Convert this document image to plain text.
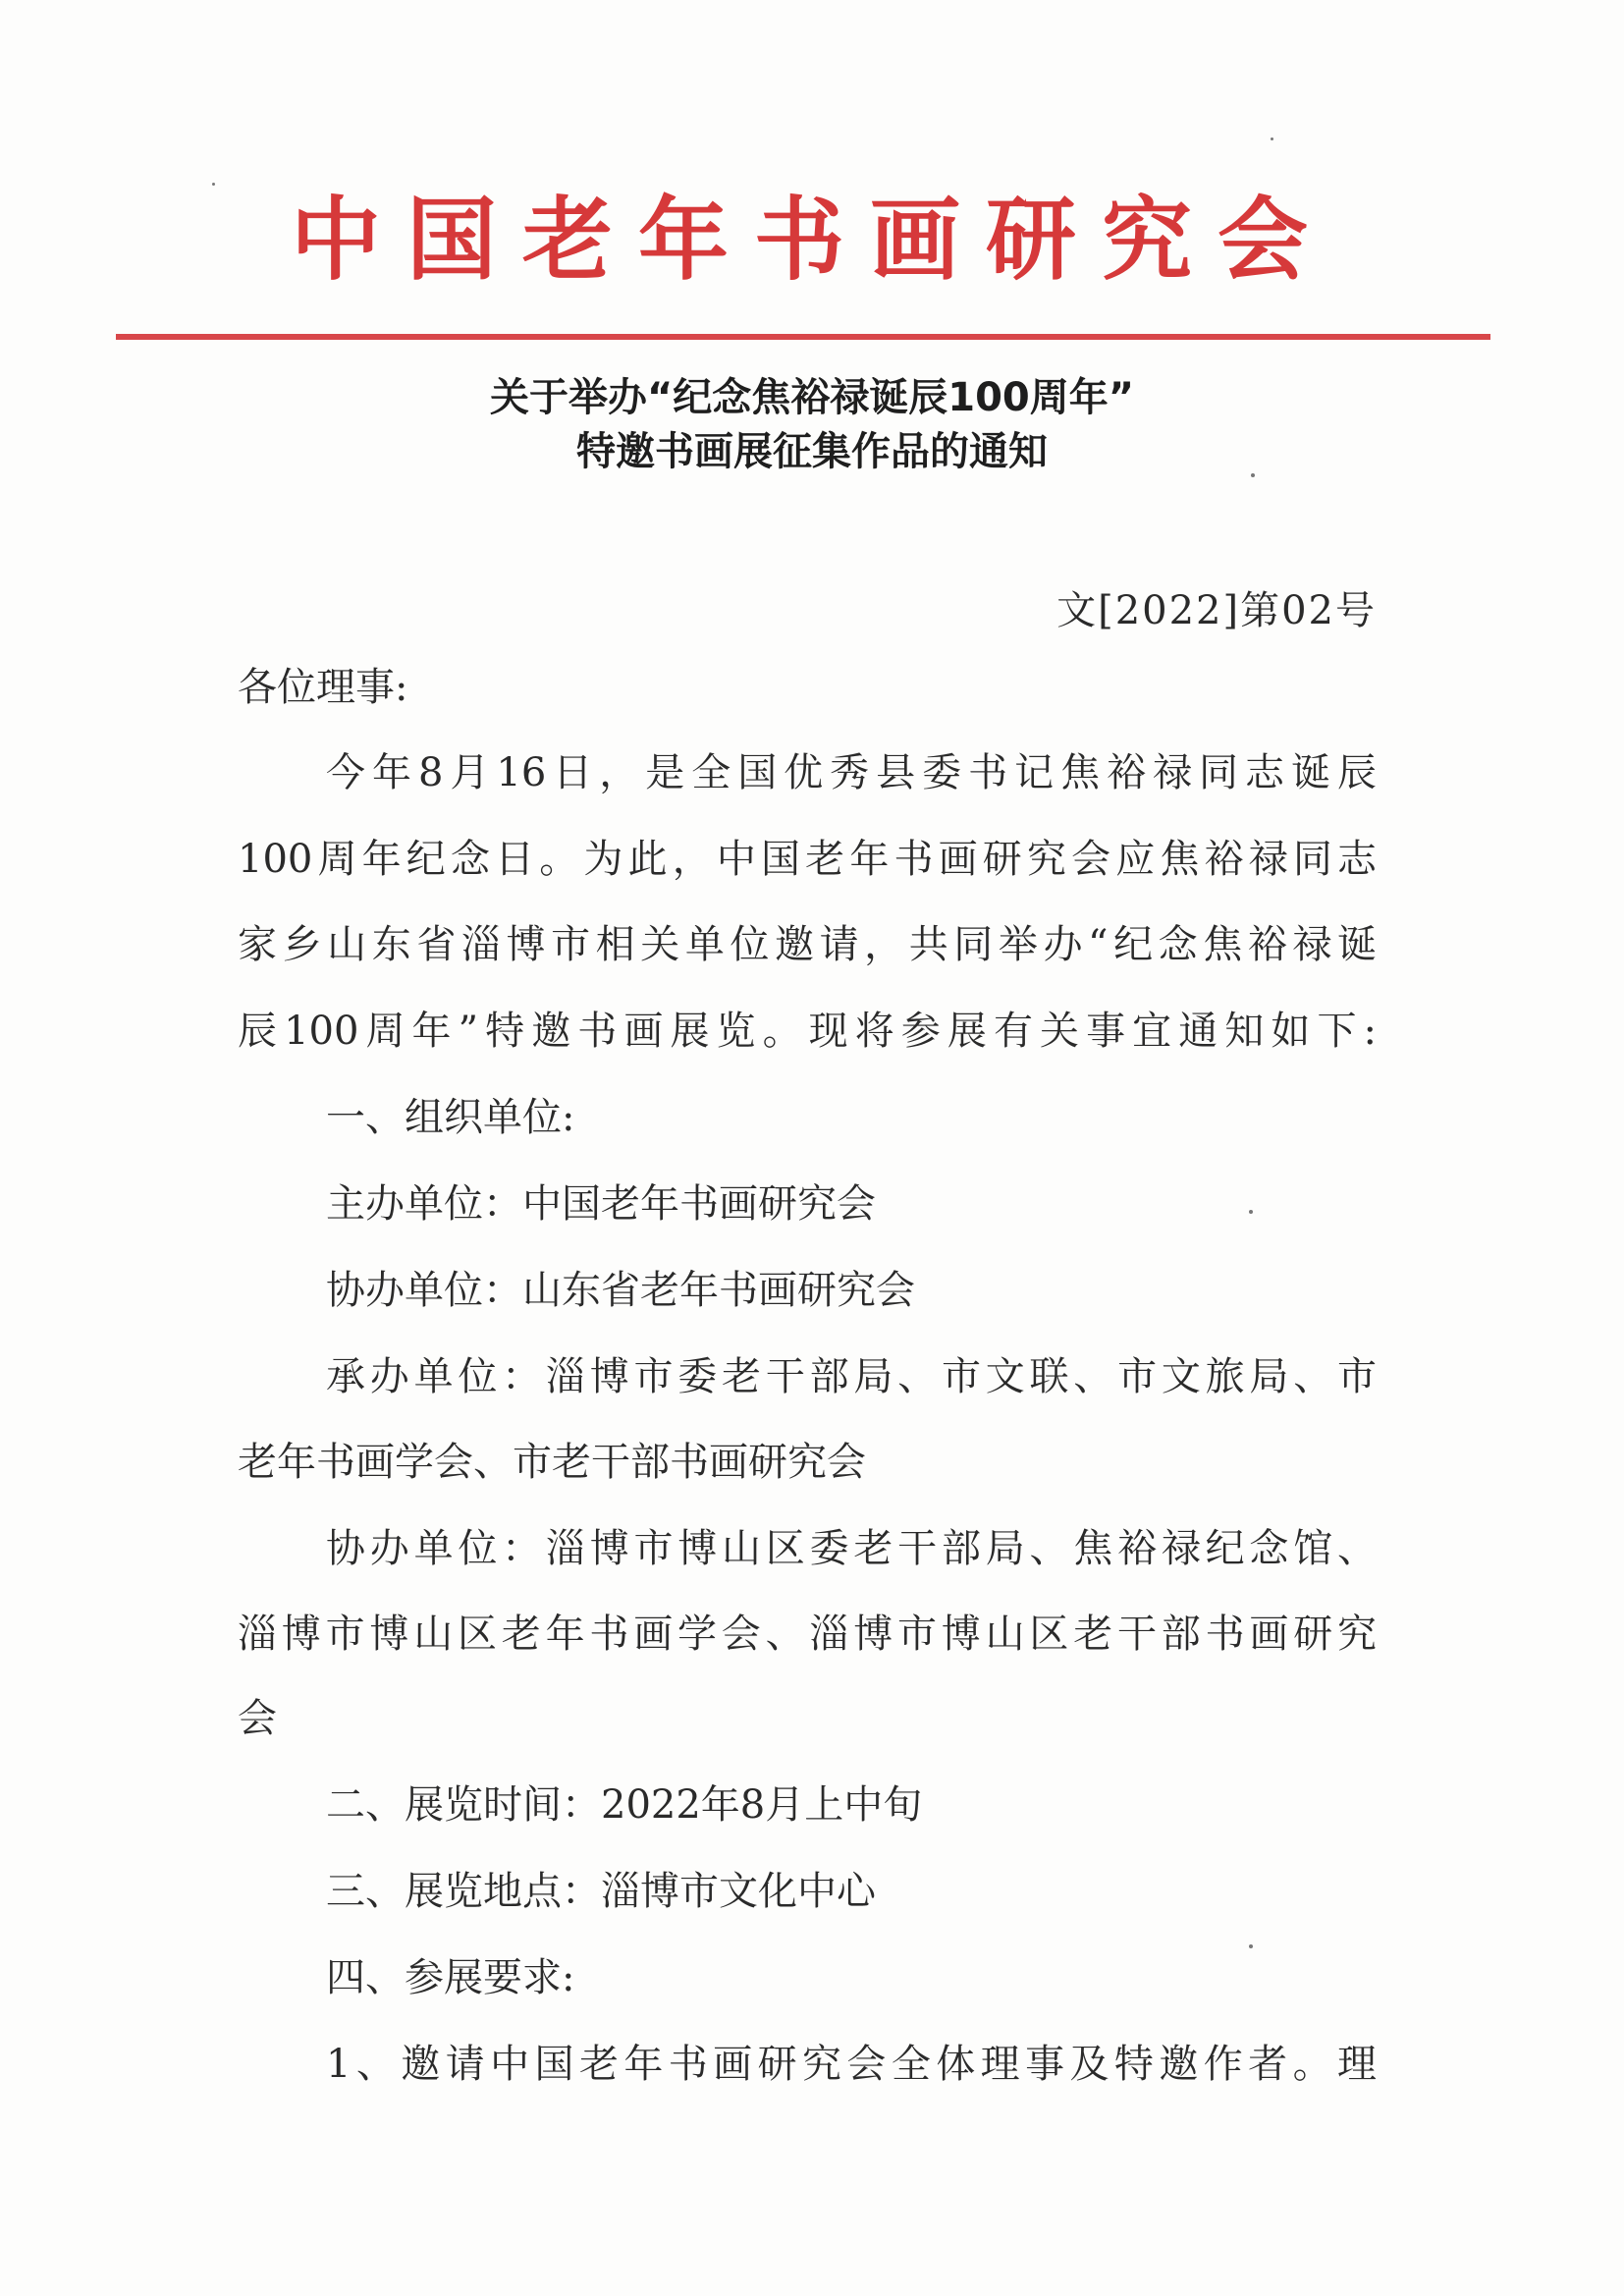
中国老年书画研究会
关于举办“纪念焦裕禄诞辰100周年”
特邀书画展征集作品的通知
文[2022]第02号
各位理事:
今年8月16日，是全国优秀县委书记焦裕禄同志诞辰
100周年纪念日。为此，中国老年书画研究会应焦裕禄同志
家乡山东省淄博市相关单位邀请，共同举办“纪念焦裕禄诞
辰100周年”特邀书画展览。现将参展有关事宜通知如下:
一、组织单位:
主办单位：中国老年书画研究会
协办单位：山东省老年书画研究会
承办单位：淄博市委老干部局、市文联、市文旅局、市
老年书画学会、市老干部书画研究会
协办单位：淄博市博山区委老干部局、焦裕禄纪念馆、
淄博市博山区老年书画学会、淄博市博山区老干部书画研究
会
二、展览时间：2022年8月上中旬
三、展览地点：淄博市文化中心
四、参展要求:
1、邀请中国老年书画研究会全体理事及特邀作者。理
